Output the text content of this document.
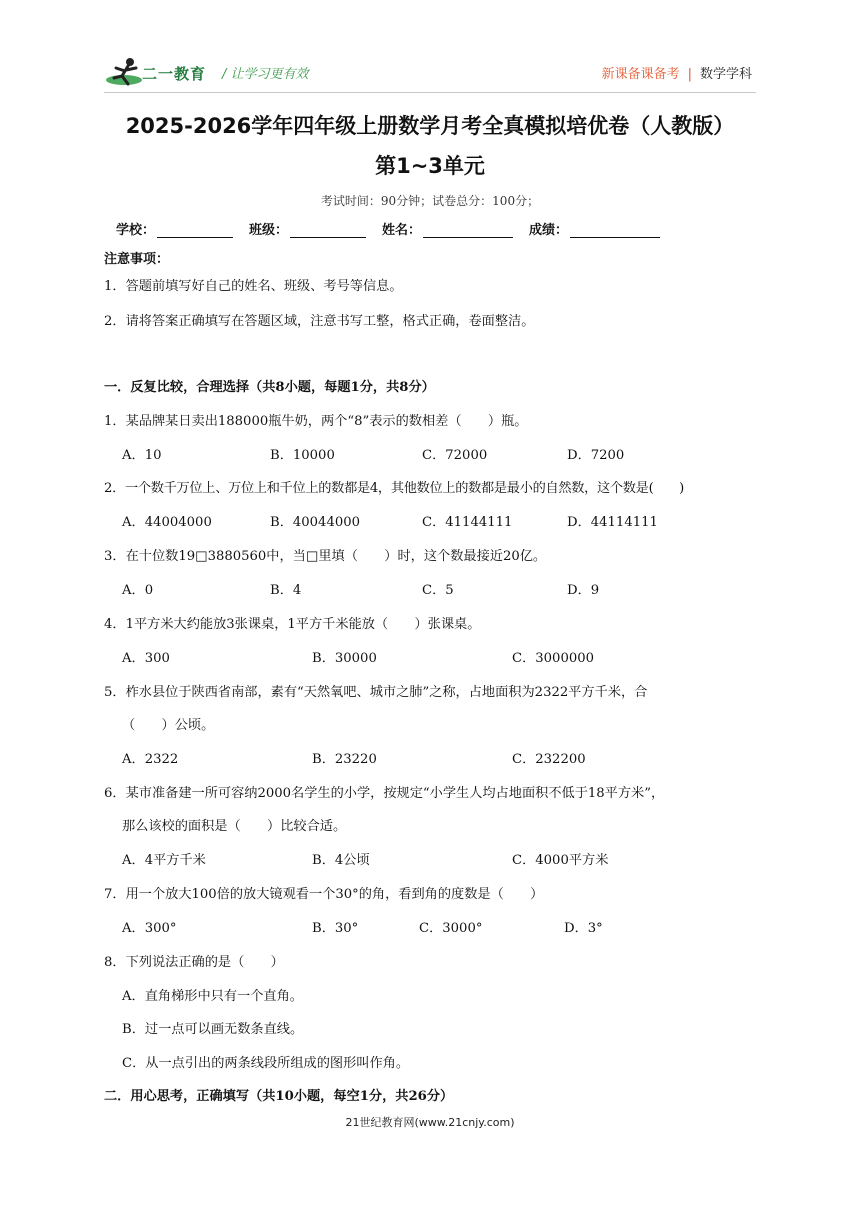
二一教育 / 让学习更有效	新课备课备考 | 数学学科
2025-2026学年四年级上册数学月考全真模拟培优卷（人教版）
第1~3单元
考试时间：90分钟；试卷总分：100分；
学校：	班级：	姓名：	成绩：
注意事项：
1．答题前填写好自己的姓名、班级、考号等信息。
2．请将答案正确填写在答题区域，注意书写工整，格式正确，卷面整洁。
一．反复比较，合理选择（共8小题，每题1分，共8分）
1．某品牌某日卖出188000瓶牛奶，两个“8”表示的数相差（　　）瓶。
A．10	B．10000	C．72000	D．7200
2．一个数千万位上、万位上和千位上的数都是4，其他数位上的数都是最小的自然数，这个数是(　　)
A．44004000	B．40044000	C．41144111	D．44114111
3．在十位数19□3880560中，当□里填（　　）时，这个数最接近20亿。
A．0	B．4	C．5	D．9
4．1平方米大约能放3张课桌，1平方千米能放（　　）张课桌。
A．300	B．30000	C．3000000
5．柞水县位于陕西省南部，素有“天然氧吧、城市之肺”之称，占地面积为2322平方千米，合
（　　）公顷。
A．2322	B．23220	C．232200
6．某市准备建一所可容纳2000名学生的小学，按规定“小学生人均占地面积不低于18平方米”，
那么该校的面积是（　　）比较合适。
A．4平方千米	B．4公顷	C．4000平方米
7．用一个放大100倍的放大镜观看一个30°的角，看到角的度数是（　　）
A．300°	B．30°	C．3000°	D．3°
8．下列说法正确的是（　　）
A．直角梯形中只有一个直角。
B．过一点可以画无数条直线。
C．从一点引出的两条线段所组成的图形叫作角。
二．用心思考，正确填写（共10小题，每空1分，共26分）
21世纪教育网(www.21cnjy.com)
